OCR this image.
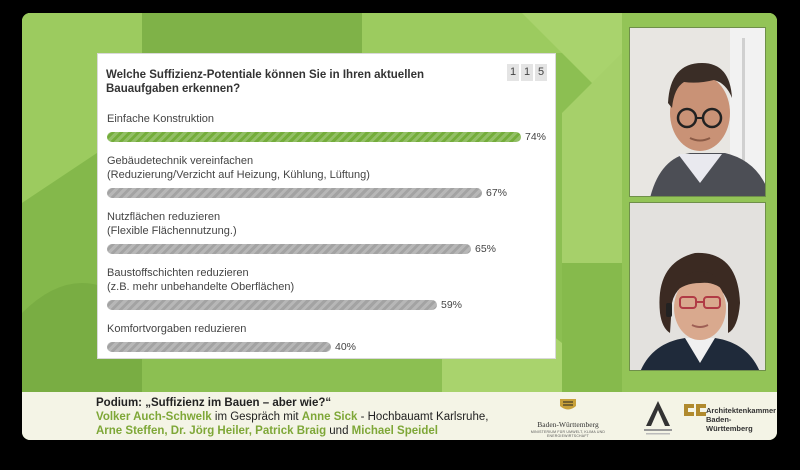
Welche Suffizienz-Potentiale können Sie in Ihren aktuellen Bauaufgaben erkennen?
1 1 5
Einfache Konstruktion
74%
Gebäudetechnik vereinfachen
(Reduzierung/Verzicht auf Heizung, Kühlung, Lüftung)
67%
Nutzflächen reduzieren
(Flexible Flächennutzung.)
65%
Baustoffschichten reduzieren
(z.B. mehr unbehandelte Oberflächen)
59%
Komfortvorgaben reduzieren
40%
Podium: „Suffizienz im Bauen – aber wie?“
Volker Auch-Schwelk im Gespräch mit Anne Sick - Hochbauamt Karlsruhe,
Arne Steffen, Dr. Jörg Heiler, Patrick Braig und Michael Speidel
Baden-Württemberg
MINISTERIUM FÜR UMWELT, KLIMA UND ENERGIEWIRTSCHAFT
Architektenkammer
Baden-Württemberg
